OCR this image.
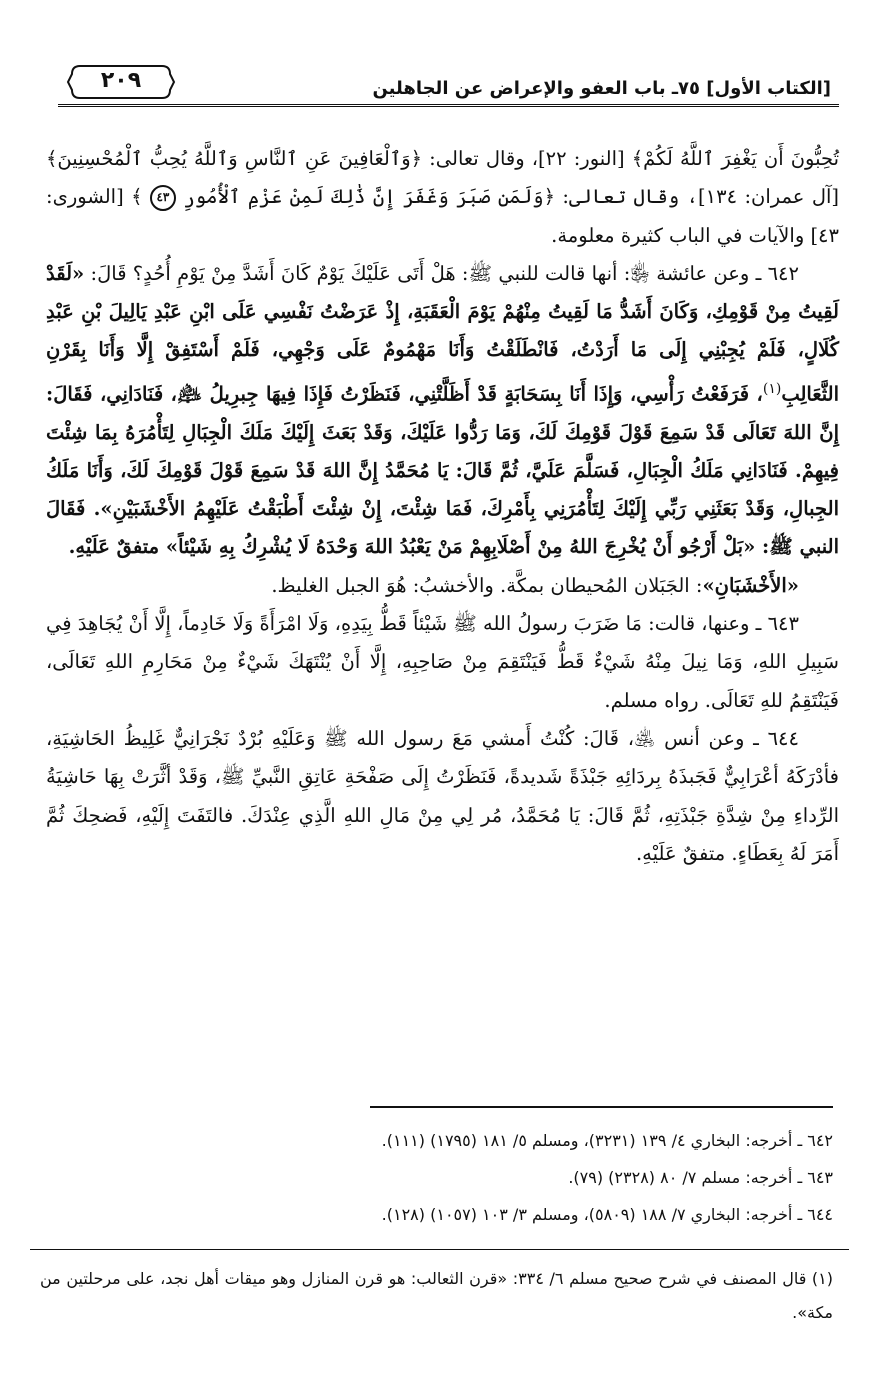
[الكتاب الأول] ٧٥ـ باب العفو والإعراض عن الجاهلين
٢٠٩

تُحِبُّونَ أَن يَغْفِرَ ٱللَّهُ لَكُمْ﴾ [النور: ٢٢]، وقال تعالى: ﴿وَٱلْعَافِينَ عَنِ ٱلنَّاسِ وَٱللَّهُ يُحِبُّ ٱلْمُحْسِنِينَ﴾ [آل عمران: ١٣٤]، وقال تعالى: ﴿وَلَمَن صَبَرَ وَغَفَرَ إِنَّ ذَٰلِكَ لَمِنْ عَزْمِ ٱلْأُمُورِ ٤٣ ﴾ [الشورى: ٤٣] والآيات في الباب كثيرة معلومة.

٦٤٢ ـ وعن عائشة ﵂: أنها قالت للنبي ﷺ: هَلْ أَتَى عَلَيْكَ يَوْمٌ كَانَ أَشَدَّ مِنْ يَوْمِ أُحُدٍ؟ قَالَ: «لَقَدْ لَقِيتُ مِنْ قَوْمِكِ، وَكَانَ أَشَدُّ مَا لَقِيتُ مِنْهُمْ يَوْمَ الْعَقَبَةِ، إِذْ عَرَضْتُ نَفْسِي عَلَى ابْنِ عَبْدِ يَالِيلَ بْنِ عَبْدِ كُلَالٍ، فَلَمْ يُجِبْنِي إِلَى مَا أَرَدْتُ، فَانْطَلَقْتُ وَأَنَا مَهْمُومٌ عَلَى وَجْهِي، فَلَمْ أَسْتَفِقْ إِلَّا وَأَنَا بِقَرْنِ الثَّعَالِبِ$^{(١)}$، فَرَفَعْتُ رَأْسِي، وَإِذَا أَنَا بِسَحَابَةٍ قَدْ أَظَلَّتْنِي، فَنَظَرْتُ فَإِذَا فِيهَا جِبرِيلُ ﵇، فَنَادَانِي، فَقَالَ: إِنَّ اللهَ تَعَالَى قَدْ سَمِعَ قَوْلَ قَوْمِكَ لَكَ، وَمَا رَدُّوا عَلَيْكَ، وَقَدْ بَعَثَ إِلَيْكَ مَلَكَ الْجِبَالِ لِتَأْمُرَهُ بِمَا شِئْتَ فِيهِمْ. فَنَادَانِي مَلَكُ الْجِبَالِ، فَسَلَّمَ عَلَيَّ، ثُمَّ قَالَ: يَا مُحَمَّدُ إِنَّ اللهَ قَدْ سَمِعَ قَوْلَ قَوْمِكَ لَكَ، وَأَنَا مَلَكُ الجِبالِ، وَقَدْ بَعَثَنِي رَبِّي إِلَيْكَ لِتَأْمُرَنِي بِأَمْرِكَ، فَمَا شِئْتَ، إِنْ شِئْتَ أَطْبَقْتُ عَلَيْهِمُ الأَخْشَبَيْنِ». فَقَالَ النبي ﷺ: «بَلْ أَرْجُو أَنْ يُخْرِجَ اللهُ مِنْ أَصْلَابِهِمْ مَنْ يَعْبُدُ اللهَ وَحْدَهُ لَا يُشْرِكُ بِهِ شَيْئاً» متفقٌ عَلَيْهِ.

«الأَخْشَبَانِ»: الجَبَلان المُحيطان بمكَّة. والأخشبُ: هُوَ الجبل الغليظ.

٦٤٣ ـ وعنها، قالت: مَا ضَرَبَ رسولُ الله ﷺ شَيْئاً قَطُّ بِيَدِهِ، وَلَا امْرَأَةً وَلَا خَادِماً، إِلَّا أَنْ يُجَاهِدَ فِي سَبِيلِ اللهِ، وَمَا نِيلَ مِنْهُ شَيْءٌ قَطُّ فَيَنْتَقِمَ مِنْ صَاحِبِهِ، إِلَّا أَنْ يُنْتَهَكَ شَيْءٌ مِنْ مَحَارِمِ اللهِ تَعَالَى، فَيَنْتَقِمُ للهِ تَعَالَى. رواه مسلم.

٦٤٤ ـ وعن أنس ﵁، قَالَ: كُنْتُ أَمشي مَعَ رسول الله ﷺ وَعَلَيْهِ بُرْدٌ نَجْرَانِيٌّ غَلِيظُ الحَاشِيَةِ، فأدْرَكَهُ أعْرَابِيٌّ فَجَبذَهُ بِردَائِهِ جَبْذَةً شَديدةً، فَنَظَرْتُ إِلَى صَفْحَةِ عَاتِقِ النَّبيِّ ﷺ، وَقَدْ أثَّرَتْ بِهَا حَاشِيَةُ الرِّداءِ مِنْ شِدَّةِ جَبْذَتِهِ، ثُمَّ قَالَ: يَا مُحَمَّدُ، مُر لِي مِنْ مَالِ اللهِ الَّذِي عِنْدَكَ. فالتَفَتَ إِلَيْهِ، فَضحِكَ ثُمَّ أَمَرَ لَهُ بِعَطَاءٍ. متفقٌ عَلَيْهِ.

٦٤٢ ـ أخرجه: البخاري ٤/ ١٣٩ (٣٢٣١)، ومسلم ٥/ ١٨١ (١٧٩٥) (١١١).
٦٤٣ ـ أخرجه: مسلم ٧/ ٨٠ (٢٣٢٨) (٧٩).
٦٤٤ ـ أخرجه: البخاري ٧/ ١٨٨ (٥٨٠٩)، ومسلم ٣/ ١٠٣ (١٠٥٧) (١٢٨).
(١) قال المصنف في شرح صحيح مسلم ٦/ ٣٣٤: «قرن الثعالب: هو قرن المنازل وهو ميقات أهل نجد، على مرحلتين من مكة».
